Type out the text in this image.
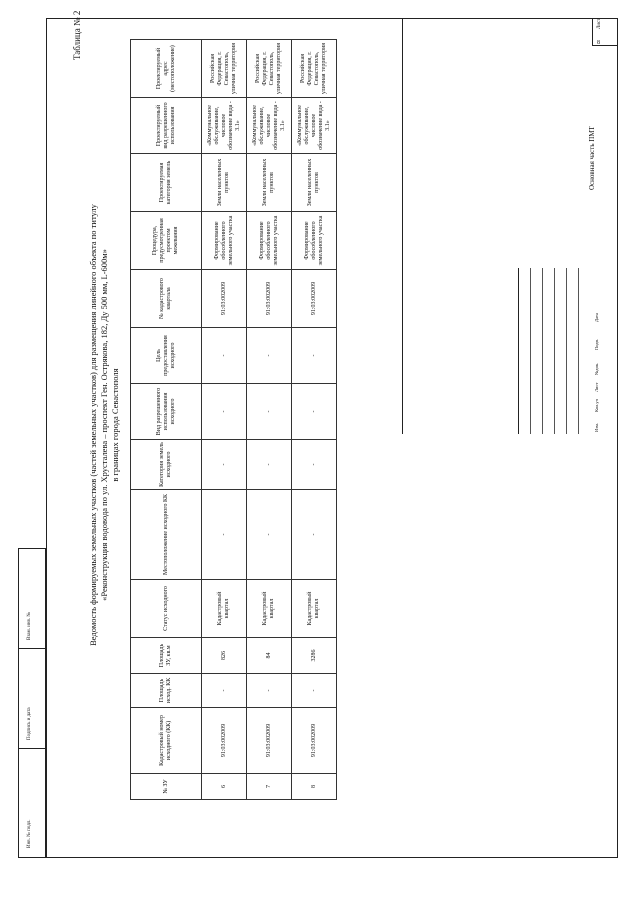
Таблица № 2
Ведомость формируемых земельных участков (частей земельных участков) для размещения линейного объекта по титулу «Реконструкция водовода по ул. Хрусталева – проспект Ген. Острякова, 182, Ду 500 мм, L-600м» в границах города Севастополя
№ ЗУ	Кадастровый номер исходного (КК)	Площадь исход. КК	Площадь ЗУ, кв.м	Статус исходного	Местоположение исходного КК	Категория земель исходного	Вид разрешенного использования исходного	Цель предоставления исходного	№ кадастрового квартала	Процедура, предусмотренная проектом межевания	Проектируемая категория земель	Проектируемый вид разрешенного использования	Проектируемый адрес (местоположение)
6	91:03:002009	-	826	Кадастровый квартал	-	-	-	-	91:03:002009	Формирование обособленного земельного участка	Земли населенных пунктов	«Коммунальное обслуживание, числовое обозначение вида - 3.1»	Российская Федерация, г. Севастополь, уличная территория
7	91:03:002009	-	84	Кадастровый квартал	-	-	-	-	91:03:002009	Формирование обособленного земельного участка	Земли населенных пунктов	«Коммунальное обслуживание, числовое обозначение вида - 3.1»	Российская Федерация, г. Севастополь, уличная территория
8	91:03:002009	-	3286	Кадастровый квартал	-	-	-	-	91:03:002009	Формирование обособленного земельного участка	Земли населенных пунктов	«Коммунальное обслуживание, числовое обозначение вида - 3.1»	Российская Федерация, г. Севастополь, уличная территория
Лист
8
Основная часть ПМТ
Изм.
Кол.уч
Лист
№док.
Подп.
Дата
Взам. инв. №
Подпись и дата
Инв. № подл.
